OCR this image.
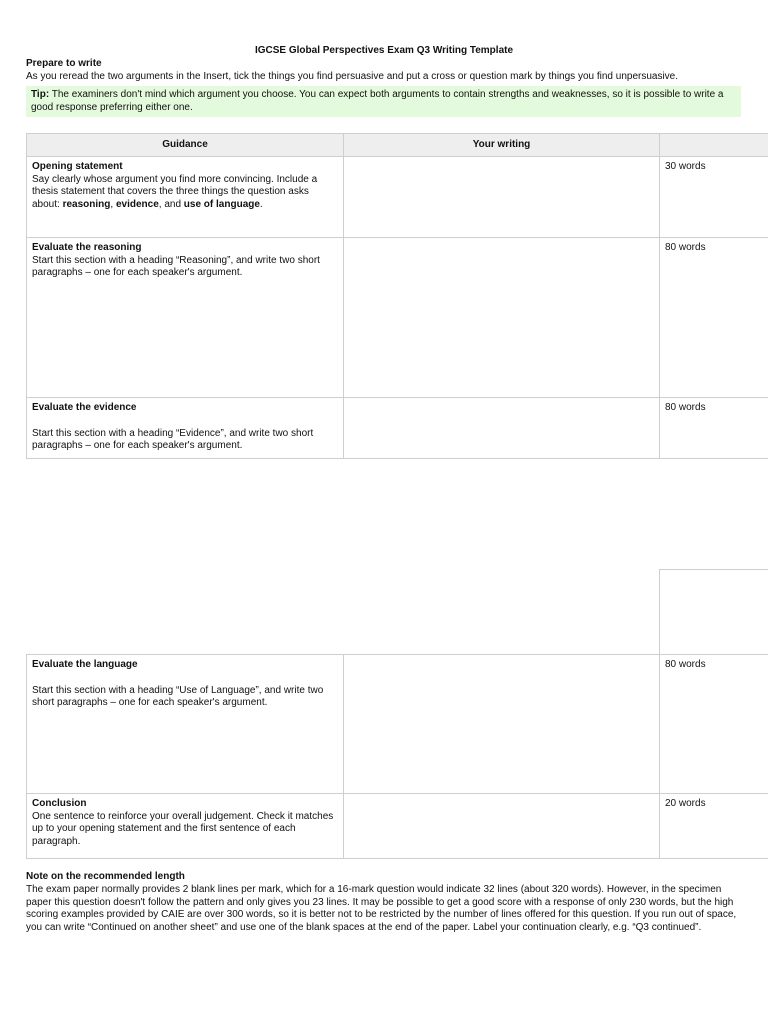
IGCSE Global Perspectives Exam Q3 Writing Template
Prepare to write
As you reread the two arguments in the Insert, tick the things you find persuasive and put a cross or question mark by things you find unpersuasive.
Tip: The examiners don't mind which argument you choose. You can expect both arguments to contain strengths and weaknesses, so it is possible to write a good response preferring either one.
Guidance	Your writing
Opening statement
Say clearly whose argument you find more convincing. Include a thesis statement that covers the three things the question asks about: reasoning, evidence, and use of language.
30 words
Evaluate the reasoning
Start this section with a heading “Reasoning”, and write two short paragraphs – one for each speaker's argument.
80 words
Evaluate the evidence
Start this section with a heading “Evidence”, and write two short paragraphs – one for each speaker's argument.
80 words
Evaluate the language
Start this section with a heading “Use of Language”, and write two short paragraphs – one for each speaker's argument.
80 words
Conclusion
One sentence to reinforce your overall judgement. Check it matches up to your opening statement and the first sentence of each paragraph.
20 words
Note on the recommended length
The exam paper normally provides 2 blank lines per mark, which for a 16-mark question would indicate 32 lines (about 320 words). However, in the specimen paper this question doesn't follow the pattern and only gives you 23 lines. It may be possible to get a good score with a response of only 230 words, but the high scoring examples provided by CAIE are over 300 words, so it is better not to be restricted by the number of lines offered for this question. If you run out of space, you can write “Continued on another sheet” and use one of the blank spaces at the end of the paper. Label your continuation clearly, e.g. “Q3 continued”.
